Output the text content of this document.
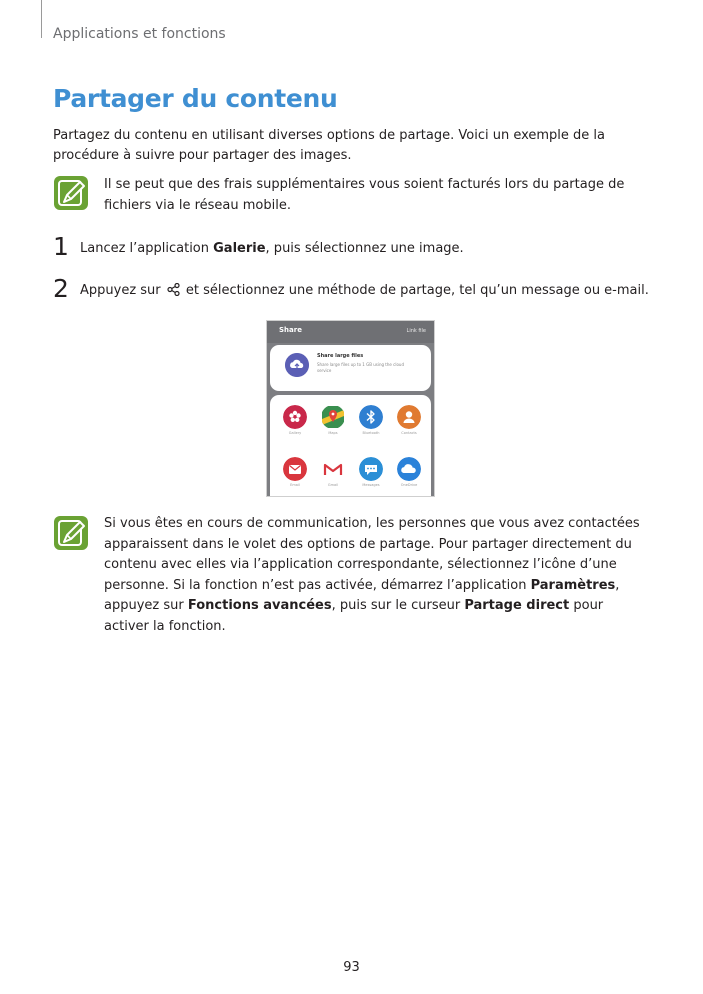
Applications et fonctions
Partager du contenu

Partagez du contenu en utilisant diverses options de partage. Voici un exemple de la procédure à suivre pour partager des images.

Il se peut que des frais supplémentaires vous soient facturés lors du partage de fichiers via le réseau mobile.

1 Lancez l’application Galerie, puis sélectionnez une image.

2 Appuyez sur  et sélectionnez une méthode de partage, tel qu’un message ou e-mail.

Share	Link file
Share large files
Share large files up to 1 GB using the cloud service
Gallery	Maps	Bluetooth	Contacts
Email	Gmail	Messages	OneDrive

Si vous êtes en cours de communication, les personnes que vous avez contactées apparaissent dans le volet des options de partage. Pour partager directement du contenu avec elles via l’application correspondante, sélectionnez l’icône d’une personne. Si la fonction n’est pas activée, démarrez l’application Paramètres, appuyez sur Fonctions avancées, puis sur le curseur Partage direct pour activer la fonction.

93
